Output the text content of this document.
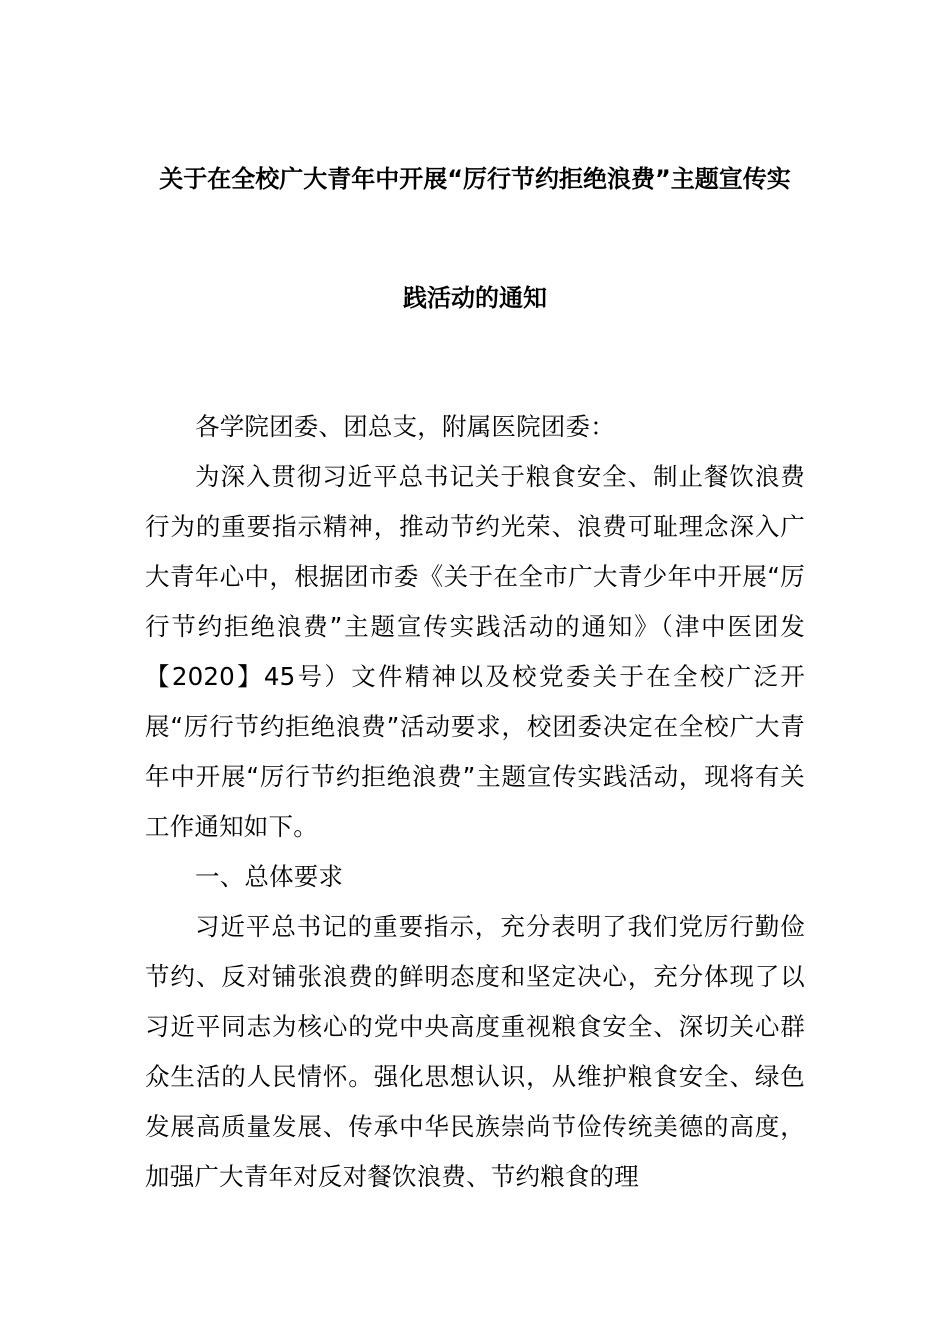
关于在全校广大青年中开展“厉行节约拒绝浪费”主题宣传实
践活动的通知

各学院团委、团总支，附属医院团委：

为深入贯彻习近平总书记关于粮食安全、制止餐饮浪费行为的重要指示精神，推动节约光荣、浪费可耻理念深入广大青年心中，根据团市委《关于在全市广大青少年中开展“厉行节约拒绝浪费”主题宣传实践活动的通知》（津中医团发【2020】45号）文件精神以及校党委关于在全校广泛开展“厉行节约拒绝浪费”活动要求，校团委决定在全校广大青年中开展“厉行节约拒绝浪费”主题宣传实践活动，现将有关工作通知如下。

一、总体要求

习近平总书记的重要指示，充分表明了我们党厉行勤俭节约、反对铺张浪费的鲜明态度和坚定决心，充分体现了以习近平同志为核心的党中央高度重视粮食安全、深切关心群众生活的人民情怀。强化思想认识，从维护粮食安全、绿色发展高质量发展、传承中华民族崇尚节俭传统美德的高度，加强广大青年对反对餐饮浪费、节约粮食的理
